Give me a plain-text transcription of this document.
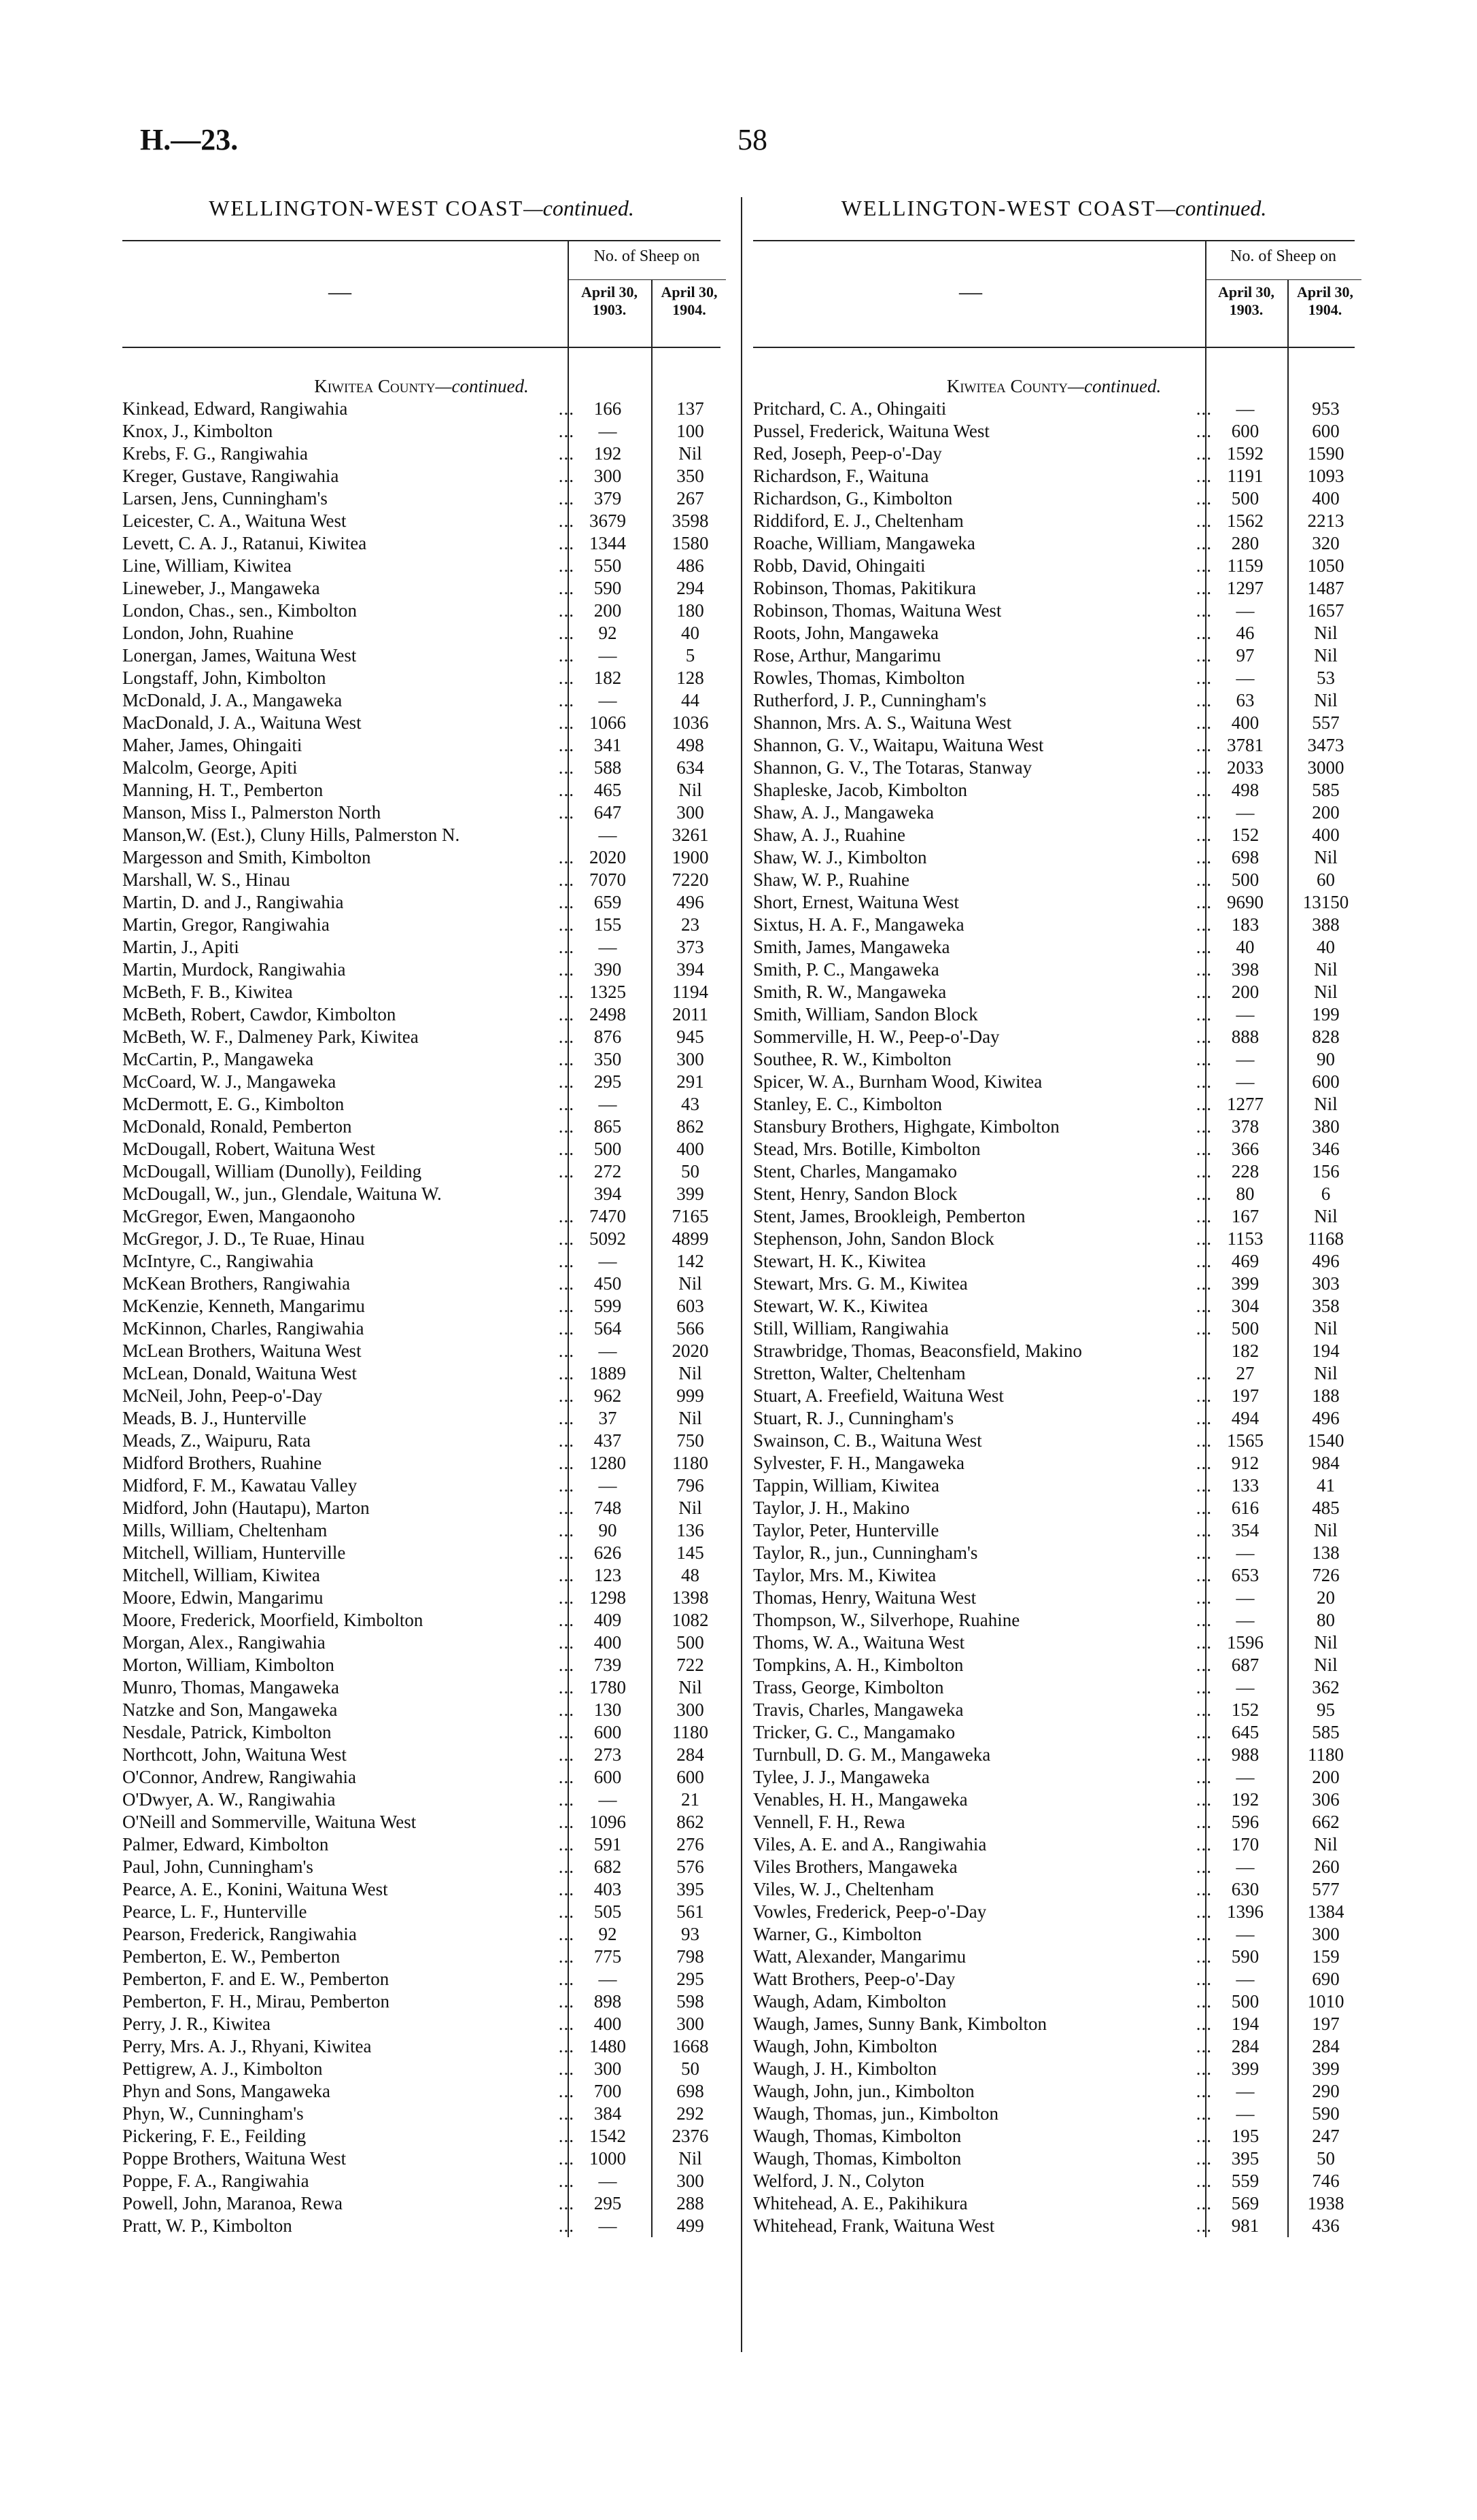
H.—23.	58
WELLINGTON-WEST COAST—continued.
—
No. of Sheep on
April 30, 1903.
April 30, 1904.
Kiwitea County—continued.
Kinkead, Edward, Rangiwahia	...	166	137
Knox, J., Kimbolton	...	—	100
Krebs, F. G., Rangiwahia	...	192	Nil
Kreger, Gustave, Rangiwahia	...	300	350
Larsen, Jens, Cunningham's	...	379	267
Leicester, C. A., Waituna West	... 3679	3598
Levett, C. A. J., Ratanui, Kiwitea	... 1344	1580
Line, William, Kiwitea	...	550	486
Lineweber, J., Mangaweka	...	590	294
London, Chas., sen., Kimbolton	...	200	180
London, John, Ruahine	...	92	40
Lonergan, James, Waituna West	...	—	5
Longstaff, John, Kimbolton	...	182	128
McDonald, J. A., Mangaweka	...	—	44
MacDonald, J. A., Waituna West	... 1066	1036
Maher, James, Ohingaiti	...	341	498
Malcolm, George, Apiti	...	588	634
Manning, H. T., Pemberton	...	465	Nil
Manson, Miss I., Palmerston North	...	647	300
Manson,W. (Est.), Cluny Hills, Palmerston N.	—	3261
Margesson and Smith, Kimbolton	... 2020	1900
Marshall, W. S., Hinau	... 7070	7220
Martin, D. and J., Rangiwahia	...	659	496
Martin, Gregor, Rangiwahia	...	155	23
Martin, J., Apiti	...	—	373
Martin, Murdock, Rangiwahia	...	390	394
McBeth, F. B., Kiwitea	... 1325	1194
McBeth, Robert, Cawdor, Kimbolton	... 2498	2011
McBeth, W. F., Dalmeney Park, Kiwitea	...	876	945
McCartin, P., Mangaweka	...	350	300
McCoard, W. J., Mangaweka	...	295	291
McDermott, E. G., Kimbolton	...	—	43
McDonald, Ronald, Pemberton	...	865	862
McDougall, Robert, Waituna West	...	500	400
McDougall, William (Dunolly), Feilding	...	272	50
McDougall, W., jun., Glendale, Waituna W.	394	399
McGregor, Ewen, Mangaonoho	... 7470	7165
McGregor, J. D., Te Ruae, Hinau	... 5092	4899
McIntyre, C., Rangiwahia	...	—	142
McKean Brothers, Rangiwahia	...	450	Nil
McKenzie, Kenneth, Mangarimu	...	599	603
McKinnon, Charles, Rangiwahia	...	564	566
McLean Brothers, Waituna West	...	—	2020
McLean, Donald, Waituna West	... 1889	Nil
McNeil, John, Peep-o'-Day	...	962	999
Meads, B. J., Hunterville	...	37	Nil
Meads, Z., Waipuru, Rata	...	437	750
Midford Brothers, Ruahine	... 1280	1180
Midford, F. M., Kawatau Valley	...	—	796
Midford, John (Hautapu), Marton	...	748	Nil
Mills, William, Cheltenham	...	90	136
Mitchell, William, Hunterville	...	626	145
Mitchell, William, Kiwitea	...	123	48
Moore, Edwin, Mangarimu	... 1298	1398
Moore, Frederick, Moorfield, Kimbolton	...	409	1082
Morgan, Alex., Rangiwahia	...	400	500
Morton, William, Kimbolton	...	739	722
Munro, Thomas, Mangaweka	... 1780	Nil
Natzke and Son, Mangaweka	...	130	300
Nesdale, Patrick, Kimbolton	...	600	1180
Northcott, John, Waituna West	...	273	284
O'Connor, Andrew, Rangiwahia	...	600	600
O'Dwyer, A. W., Rangiwahia	...	—	21
O'Neill and Sommerville, Waituna West	... 1096	862
Palmer, Edward, Kimbolton	...	591	276
Paul, John, Cunningham's	...	682	576
Pearce, A. E., Konini, Waituna West	...	403	395
Pearce, L. F., Hunterville	...	505	561
Pearson, Frederick, Rangiwahia	...	92	93
Pemberton, E. W., Pemberton	...	775	798
Pemberton, F. and E. W., Pemberton	...	—	295
Pemberton, F. H., Mirau, Pemberton	...	898	598
Perry, J. R., Kiwitea	...	400	300
Perry, Mrs. A. J., Rhyani, Kiwitea	... 1480	1668
Pettigrew, A. J., Kimbolton	...	300	50
Phyn and Sons, Mangaweka	...	700	698
Phyn, W., Cunningham's	...	384	292
Pickering, F. E., Feilding	... 1542	2376
Poppe Brothers, Waituna West	... 1000	Nil
Poppe, F. A., Rangiwahia	...	—	300
Powell, John, Maranoa, Rewa	...	295	288
Pratt, W. P., Kimbolton	...	—	499
WELLINGTON-WEST COAST—continued.
—
No. of Sheep on
April 30, 1903.
April 30, 1904.
Kiwitea County—continued.
Pritchard, C. A., Ohingaiti	...	—	953
Pussel, Frederick, Waituna West	...	600	600
Red, Joseph, Peep-o'-Day	... 1592	1590
Richardson, F., Waituna	... 1191	1093
Richardson, G., Kimbolton	...	500	400
Riddiford, E. J., Cheltenham	... 1562	2213
Roache, William, Mangaweka	...	280	320
Robb, David, Ohingaiti	... 1159	1050
Robinson, Thomas, Pakitikura	... 1297	1487
Robinson, Thomas, Waituna West	...	—	1657
Roots, John, Mangaweka	...	46	Nil
Rose, Arthur, Mangarimu	...	97	Nil
Rowles, Thomas, Kimbolton	...	—	53
Rutherford, J. P., Cunningham's	...	63	Nil
Shannon, Mrs. A. S., Waituna West	...	400	557
Shannon, G. V., Waitapu, Waituna West	... 3781	3473
Shannon, G. V., The Totaras, Stanway	... 2033	3000
Shapleske, Jacob, Kimbolton	...	498	585
Shaw, A. J., Mangaweka	...	—	200
Shaw, A. J., Ruahine	...	152	400
Shaw, W. J., Kimbolton	...	698	Nil
Shaw, W. P., Ruahine	...	500	60
Short, Ernest, Waituna West	... 9690	13150
Sixtus, H. A. F., Mangaweka	...	183	388
Smith, James, Mangaweka	...	40	40
Smith, P. C., Mangaweka	...	398	Nil
Smith, R. W., Mangaweka	...	200	Nil
Smith, William, Sandon Block	...	—	199
Sommerville, H. W., Peep-o'-Day	...	888	828
Southee, R. W., Kimbolton	...	—	90
Spicer, W. A., Burnham Wood, Kiwitea	...	—	600
Stanley, E. C., Kimbolton	... 1277	Nil
Stansbury Brothers, Highgate, Kimbolton	...	378	380
Stead, Mrs. Botille, Kimbolton	...	366	346
Stent, Charles, Mangamako	...	228	156
Stent, Henry, Sandon Block	...	80	6
Stent, James, Brookleigh, Pemberton	...	167	Nil
Stephenson, John, Sandon Block	... 1153	1168
Stewart, H. K., Kiwitea	...	469	496
Stewart, Mrs. G. M., Kiwitea	...	399	303
Stewart, W. K., Kiwitea	...	304	358
Still, William, Rangiwahia	...	500	Nil
Strawbridge, Thomas, Beaconsfield, Makino	182	194
Stretton, Walter, Cheltenham	...	27	Nil
Stuart, A. Freefield, Waituna West	...	197	188
Stuart, R. J., Cunningham's	...	494	496
Swainson, C. B., Waituna West	... 1565	1540
Sylvester, F. H., Mangaweka	...	912	984
Tappin, William, Kiwitea	...	133	41
Taylor, J. H., Makino	...	616	485
Taylor, Peter, Hunterville	...	354	Nil
Taylor, R., jun., Cunningham's	...	—	138
Taylor, Mrs. M., Kiwitea	...	653	726
Thomas, Henry, Waituna West	...	—	20
Thompson, W., Silverhope, Ruahine	...	—	80
Thoms, W. A., Waituna West	... 1596	Nil
Tompkins, A. H., Kimbolton	...	687	Nil
Trass, George, Kimbolton	...	—	362
Travis, Charles, Mangaweka	...	152	95
Tricker, G. C., Mangamako	...	645	585
Turnbull, D. G. M., Mangaweka	...	988	1180
Tylee, J. J., Mangaweka	...	—	200
Venables, H. H., Mangaweka	...	192	306
Vennell, F. H., Rewa	...	596	662
Viles, A. E. and A., Rangiwahia	...	170	Nil
Viles Brothers, Mangaweka	...	—	260
Viles, W. J., Cheltenham	...	630	577
Vowles, Frederick, Peep-o'-Day	... 1396	1384
Warner, G., Kimbolton	...	—	300
Watt, Alexander, Mangarimu	...	590	159
Watt Brothers, Peep-o'-Day	...	—	690
Waugh, Adam, Kimbolton	...	500	1010
Waugh, James, Sunny Bank, Kimbolton	...	194	197
Waugh, John, Kimbolton	...	284	284
Waugh, J. H., Kimbolton	...	399	399
Waugh, John, jun., Kimbolton	...	—	290
Waugh, Thomas, jun., Kimbolton	...	—	590
Waugh, Thomas, Kimbolton	...	195	247
Waugh, Thomas, Kimbolton	...	395	50
Welford, J. N., Colyton	...	559	746
Whitehead, A. E., Pakihikura	...	569	1938
Whitehead, Frank, Waituna West	...	981	436
